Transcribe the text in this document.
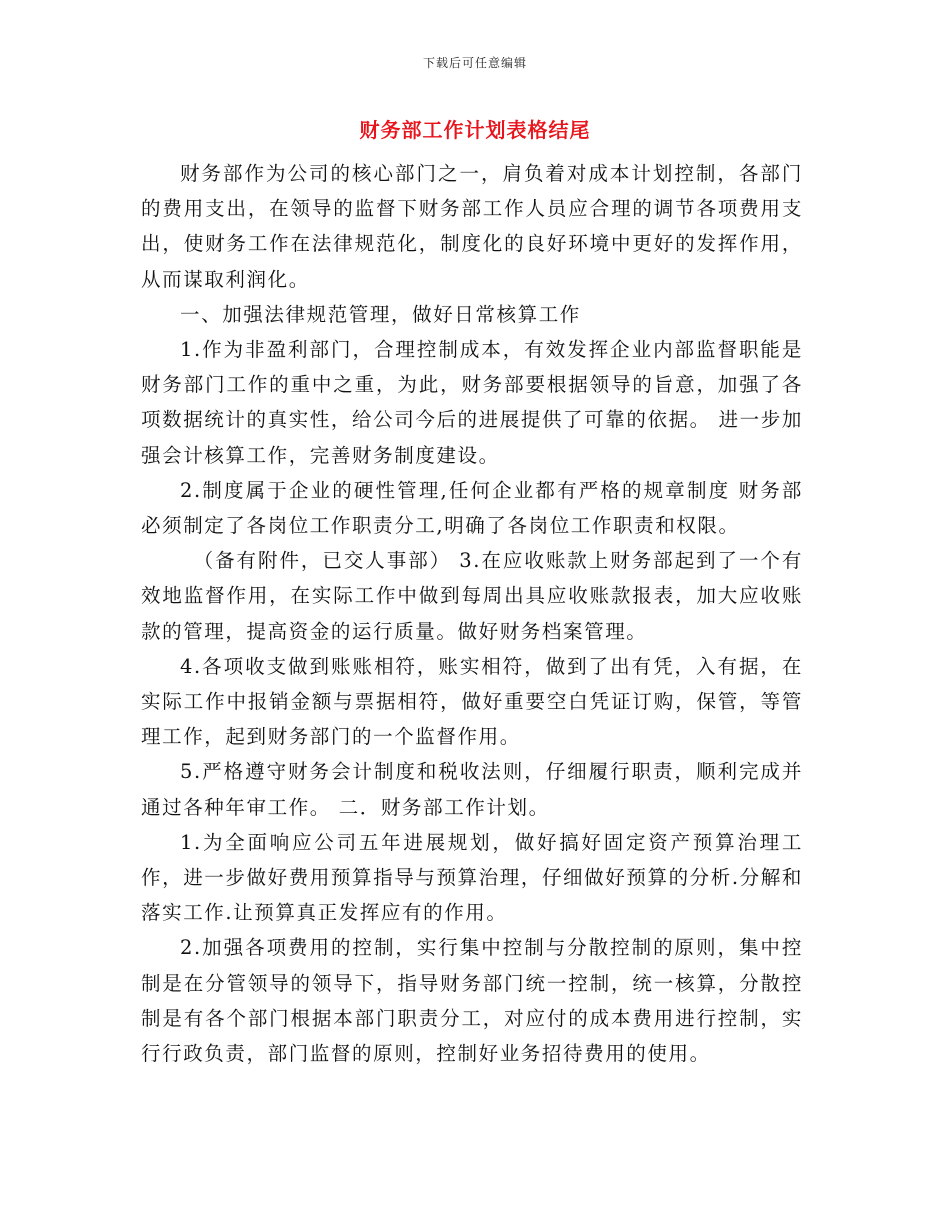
下载后可任意编辑
财务部工作计划表格结尾

财务部作为公司的核心部门之一，肩负着对成本计划控制，各部门的费用支出，在领导的监督下财务部工作人员应合理的调节各项费用支出，使财务工作在法律规范化，制度化的良好环境中更好的发挥作用，从而谋取利润化。

一、加强法律规范管理，做好日常核算工作

1.作为非盈利部门，合理控制成本，有效发挥企业内部监督职能是财务部门工作的重中之重，为此，财务部要根据领导的旨意，加强了各项数据统计的真实性，给公司今后的进展提供了可靠的依据。 进一步加强会计核算工作，完善财务制度建设。

2.制度属于企业的硬性管理,任何企业都有严格的规章制度 财务部必须制定了各岗位工作职责分工,明确了各岗位工作职责和权限。

（备有附件，已交人事部） 3.在应收账款上财务部起到了一个有效地监督作用，在实际工作中做到每周出具应收账款报表，加大应收账款的管理，提高资金的运行质量。做好财务档案管理。

4.各项收支做到账账相符，账实相符，做到了出有凭，入有据，在实际工作中报销金额与票据相符，做好重要空白凭证订购，保管，等管理工作，起到财务部门的一个监督作用。

5.严格遵守财务会计制度和税收法则，仔细履行职责，顺利完成并通过各种年审工作。 二．财务部工作计划。

1.为全面响应公司五年进展规划，做好搞好固定资产预算治理工作，进一步做好费用预算指导与预算治理，仔细做好预算的分析.分解和落实工作.让预算真正发挥应有的作用。

2.加强各项费用的控制，实行集中控制与分散控制的原则，集中控制是在分管领导的领导下，指导财务部门统一控制，统一核算，分散控制是有各个部门根据本部门职责分工，对应付的成本费用进行控制，实行行政负责，部门监督的原则，控制好业务招待费用的使用。
